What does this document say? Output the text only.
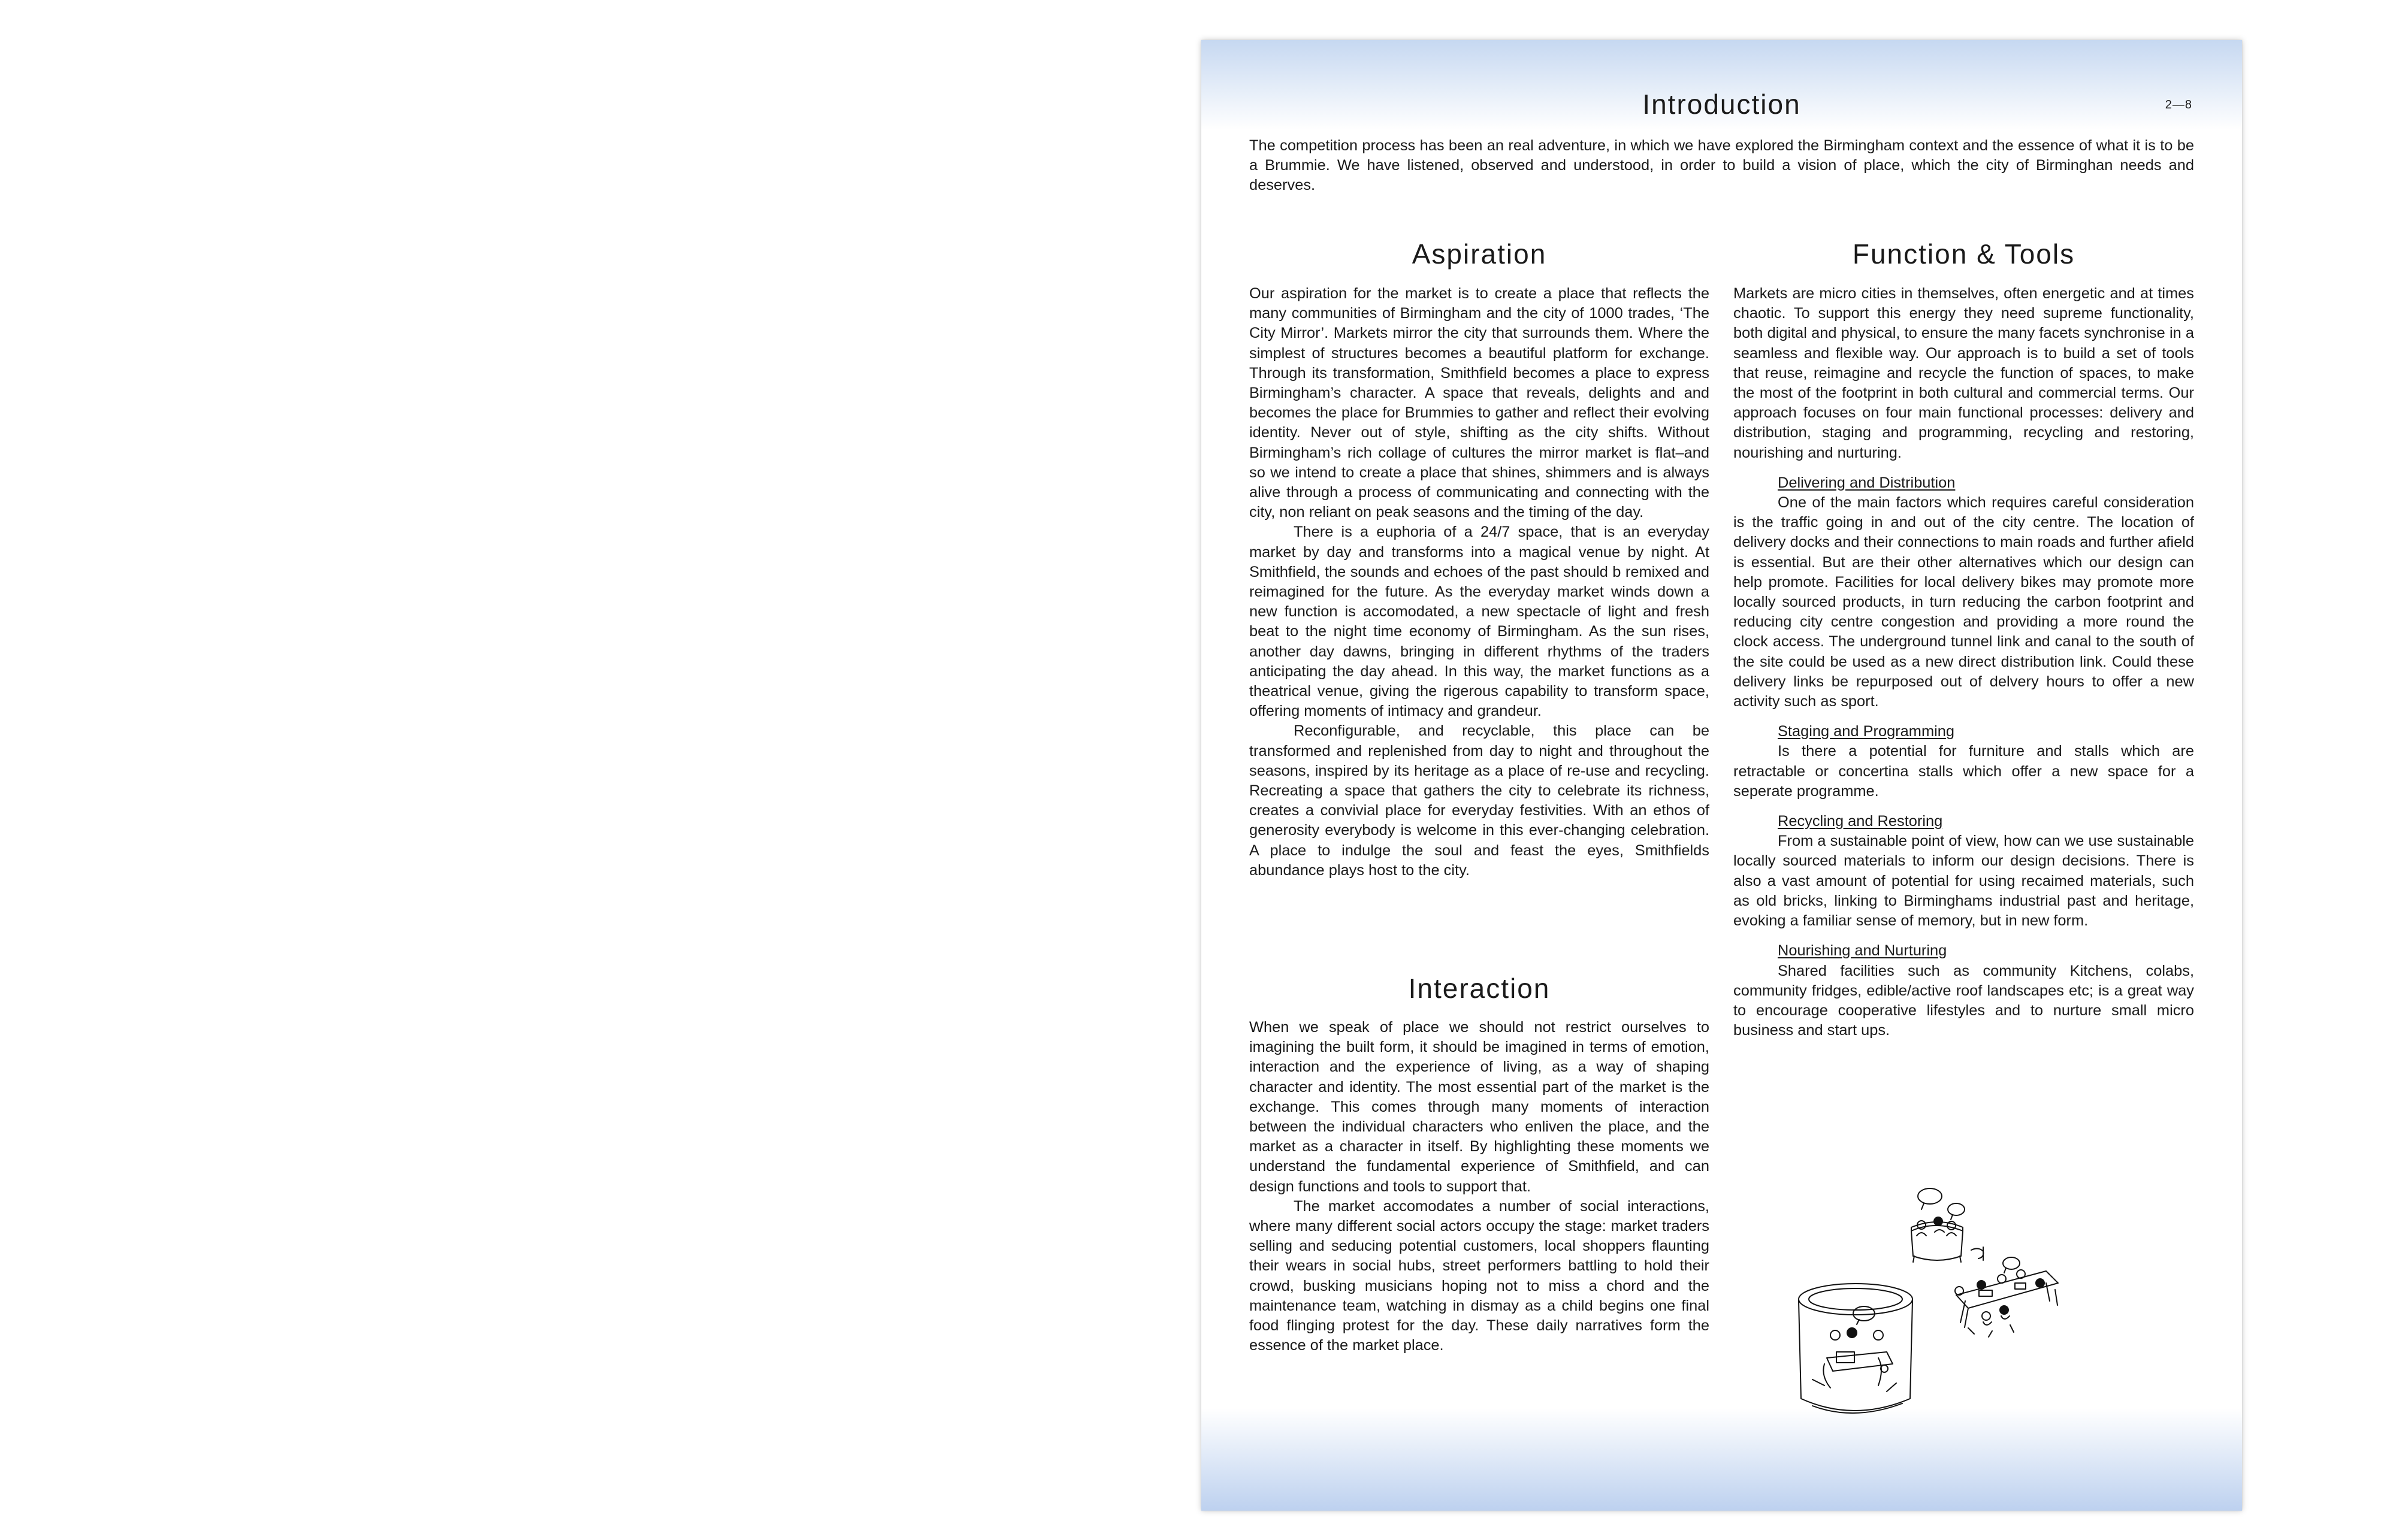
Introduction	2—8

The competition process has been an real adventure, in which we have explored the Birmingham context and the essence of what it is to be a Brummie. We have listened, observed and understood, in order to build a vision of place, which the city of Birminghan needs and deserves.

Aspiration

Our aspiration for the market is to create a place that reflects the many communities of Birmingham and the city of 1000 trades, ‘The City Mirror’. Markets mirror the city that surrounds them. Where the simplest of structures becomes a beautiful platform for exchange. Through its transformation, Smithfield becomes a place to express Birmingham’s character. A space that reveals, delights and and becomes the place for Brummies to gather and reflect their evolving identity. Never out of style, shifting as the city shifts. Without Birmingham’s rich collage of cultures the mirror market is flat–and so we intend to create a place that shines, shimmers and is always alive through a process of communicating and connecting with the city, non reliant on peak seasons and the timing of the day.

There is a euphoria of a 24/7 space, that is an everyday market by day and transforms into a magical venue by night. At Smithfield, the sounds and echoes of the past should b remixed and reimagined for the future. As the everyday market winds down a new function is accomodated, a new spectacle of light and fresh beat to the night time economy of Birmingham. As the sun rises, another day dawns, bringing in different rhythms of the traders anticipating the day ahead. In this way, the market functions as a theatrical venue, giving the rigerous capability to transform space, offering moments of intimacy and grandeur.

Reconfigurable, and recyclable, this place can be transformed and replenished from day to night and throughout the seasons, inspired by its heritage as a place of re-use and recycling. Recreating a space that gathers the city to celebrate its richness, creates a convivial place for everyday festivities. With an ethos of generosity everybody is welcome in this ever-changing celebration. A place to indulge the soul and feast the eyes, Smithfields abundance plays host to the city.

Interaction

When we speak of place we should not restrict ourselves to imagining the built form, it should be imagined in terms of emotion, interaction and the experience of living, as a way of shaping character and identity. The most essential part of the market is the exchange. This comes through many moments of interaction between the individual characters who enliven the place, and the market as a character in itself. By highlighting these moments we understand the fundamental experience of Smithfield, and can design functions and tools to support that.

The market accomodates a number of social interactions, where many different social actors occupy the stage: market traders selling and seducing potential customers, local shoppers flaunting their wears in social hubs, street performers battling to hold their crowd, busking musicians hoping not to miss a chord and the maintenance team, watching in dismay as a child begins one final food flinging protest for the day. These daily narratives form the essence of the market place.

Function & Tools

Markets are micro cities in themselves, often energetic and at times chaotic. To support this energy they need supreme functionality, both digital and physical, to ensure the many facets synchronise in a seamless and flexible way. Our approach is to build a set of tools that reuse, reimagine and recycle the function of spaces, to make the most of the footprint in both cultural and commercial terms. Our approach focuses on four main functional processes: delivery and distribution, staging and programming, recycling and restoring, nourishing and nurturing.

Delivering and Distribution

One of the main factors which requires careful consideration is the traffic going in and out of the city centre. The location of delivery docks and their connections to main roads and further afield is essential. But are their other alternatives which our design can help promote. Facilities for local delivery bikes may promote more locally sourced products, in turn reducing the carbon footprint and reducing city centre congestion and providing a more round the clock access. The underground tunnel link and canal to the south of the site could be used as a new direct distribution link. Could these delivery links be repurposed out of delvery hours to offer a new activity such as sport.

Staging and Programming

Is there a potential for furniture and stalls which are retractable or concertina stalls which offer a new space for a seperate programme.

Recycling and Restoring

From a sustainable point of view, how can we use sustainable locally sourced materials to inform our design decisions. There is also a vast amount of potential for using recaimed materials, such as old bricks, linking to Birminghams industrial past and heritage, evoking a familiar sense of memory, but in new form.

Nourishing and Nurturing

Shared facilities such as community Kitchens, colabs, community fridges, edible/active roof landscapes etc; is a great way to encourage cooperative lifestyles and to nurture small micro business and start ups.
